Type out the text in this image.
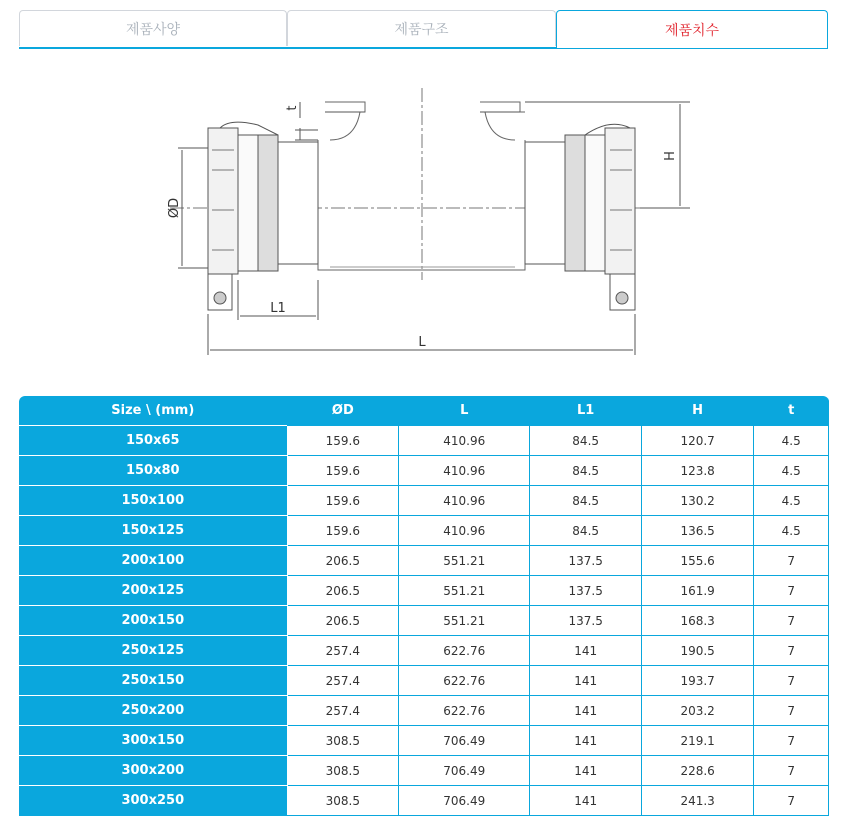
제품사양	제품구조	제품치수
ØD
H
t
L1
L
Size \ (mm)	ØD	L	L1	H	t
150x65	159.6	410.96	84.5	120.7	4.5
150x80	159.6	410.96	84.5	123.8	4.5
150x100	159.6	410.96	84.5	130.2	4.5
150x125	159.6	410.96	84.5	136.5	4.5
200x100	206.5	551.21	137.5	155.6	7
200x125	206.5	551.21	137.5	161.9	7
200x150	206.5	551.21	137.5	168.3	7
250x125	257.4	622.76	141	190.5	7
250x150	257.4	622.76	141	193.7	7
250x200	257.4	622.76	141	203.2	7
300x150	308.5	706.49	141	219.1	7
300x200	308.5	706.49	141	228.6	7
300x250	308.5	706.49	141	241.3	7
